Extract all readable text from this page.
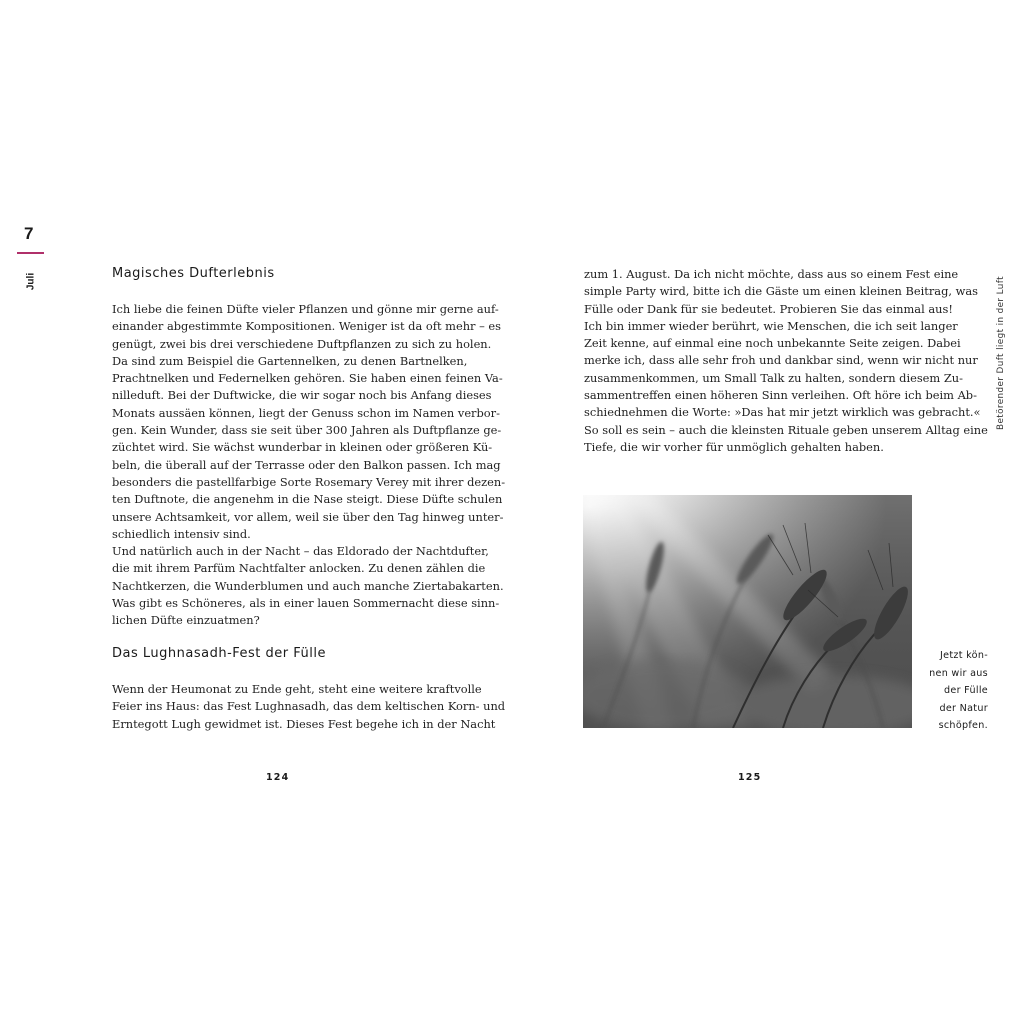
7
Juli	Magisches Dufterlebnis
Ich liebe die feinen Düfte vieler Pflanzen und gönne mir gerne auf-
einander abgestimmte Kompositionen. Weniger ist da oft mehr – es
genügt, zwei bis drei verschiedene Duftpflanzen zu sich zu holen.
Da sind zum Beispiel die Gartennelken, zu denen Bartnelken,
Prachtnelken und Federnelken gehören. Sie haben einen feinen Va-
nilleduft. Bei der Duftwicke, die wir sogar noch bis Anfang dieses
Monats aussäen können, liegt der Genuss schon im Namen verbor-
gen. Kein Wunder, dass sie seit über 300 Jahren als Duftpflanze ge-
züchtet wird. Sie wächst wunderbar in kleinen oder größeren Kü-
beln, die überall auf der Terrasse oder den Balkon passen. Ich mag
besonders die pastellfarbige Sorte Rosemary Verey mit ihrer dezen-
ten Duftnote, die angenehm in die Nase steigt. Diese Düfte schulen
unsere Achtsamkeit, vor allem, weil sie über den Tag hinweg unter-
schiedlich intensiv sind.
Und natürlich auch in der Nacht – das Eldorado der Nachtdufter,
die mit ihrem Parfüm Nachtfalter anlocken. Zu denen zählen die
Nachtkerzen, die Wunderblumen und auch manche Ziertabakarten.
Was gibt es Schöneres, als in einer lauen Sommernacht diese sinn-
lichen Düfte einzuatmen?
Das Lughnasadh-Fest der Fülle
Wenn der Heumonat zu Ende geht, steht eine weitere kraftvolle
Feier ins Haus: das Fest Lughnasadh, das dem keltischen Korn- und
Erntegott Lugh gewidmet ist. Dieses Fest begehe ich in der Nacht
124
zum 1. August. Da ich nicht möchte, dass aus so einem Fest eine
simple Party wird, bitte ich die Gäste um einen kleinen Beitrag, was
Fülle oder Dank für sie bedeutet. Probieren Sie das einmal aus!
Ich bin immer wieder berührt, wie Menschen, die ich seit langer
Zeit kenne, auf einmal eine noch unbekannte Seite zeigen. Dabei
merke ich, dass alle sehr froh und dankbar sind, wenn wir nicht nur
zusammenkommen, um Small Talk zu halten, sondern diesem Zu-
sammentreffen einen höheren Sinn verleihen. Oft höre ich beim Ab-
schiednehmen die Worte: »Das hat mir jetzt wirklich was gebracht.«
So soll es sein – auch die kleinsten Rituale geben unserem Alltag eine
Tiefe, die wir vorher für unmöglich gehalten haben.
Jetzt kön-
nen wir aus
der Fülle
der Natur
schöpfen.
125
Betörender Duft liegt in der Luft
